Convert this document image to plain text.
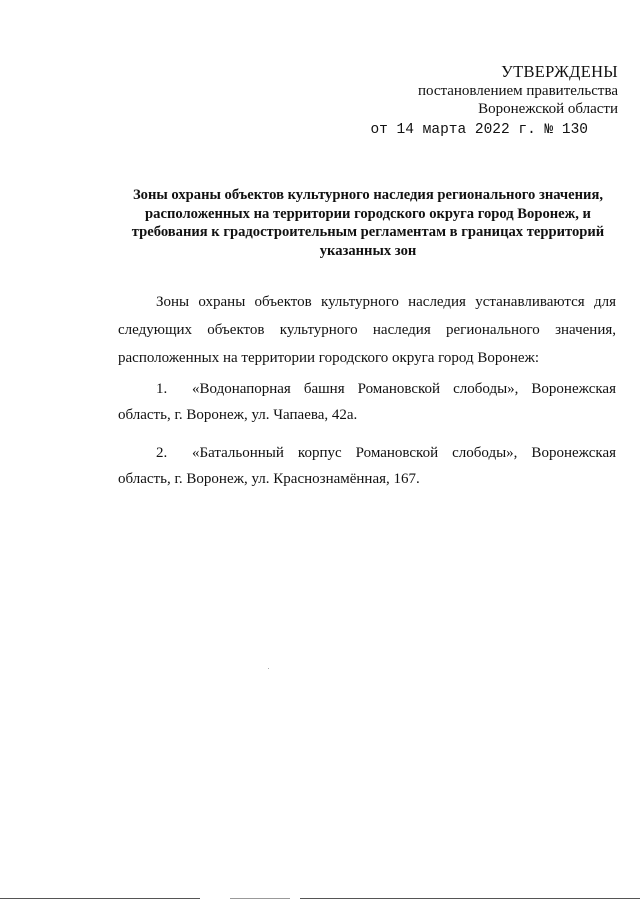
УТВЕРЖДЕНЫ
постановлением правительства
Воронежской области
от 14 марта 2022 г. № 130
Зоны охраны объектов культурного наследия регионального значения, расположенных на территории городского округа город Воронеж, и требования к градостроительным регламентам в границах территорий указанных зон

Зоны охраны объектов культурного наследия устанавливаются для следующих объектов культурного наследия регионального значения, расположенных на территории городского округа город Воронеж:

1. «Водонапорная башня Романовской слободы», Воронежская область, г. Воронеж, ул. Чапаева, 42а.

2. «Батальонный корпус Романовской слободы», Воронежская область, г. Воронеж, ул. Краснознамённая, 167.
